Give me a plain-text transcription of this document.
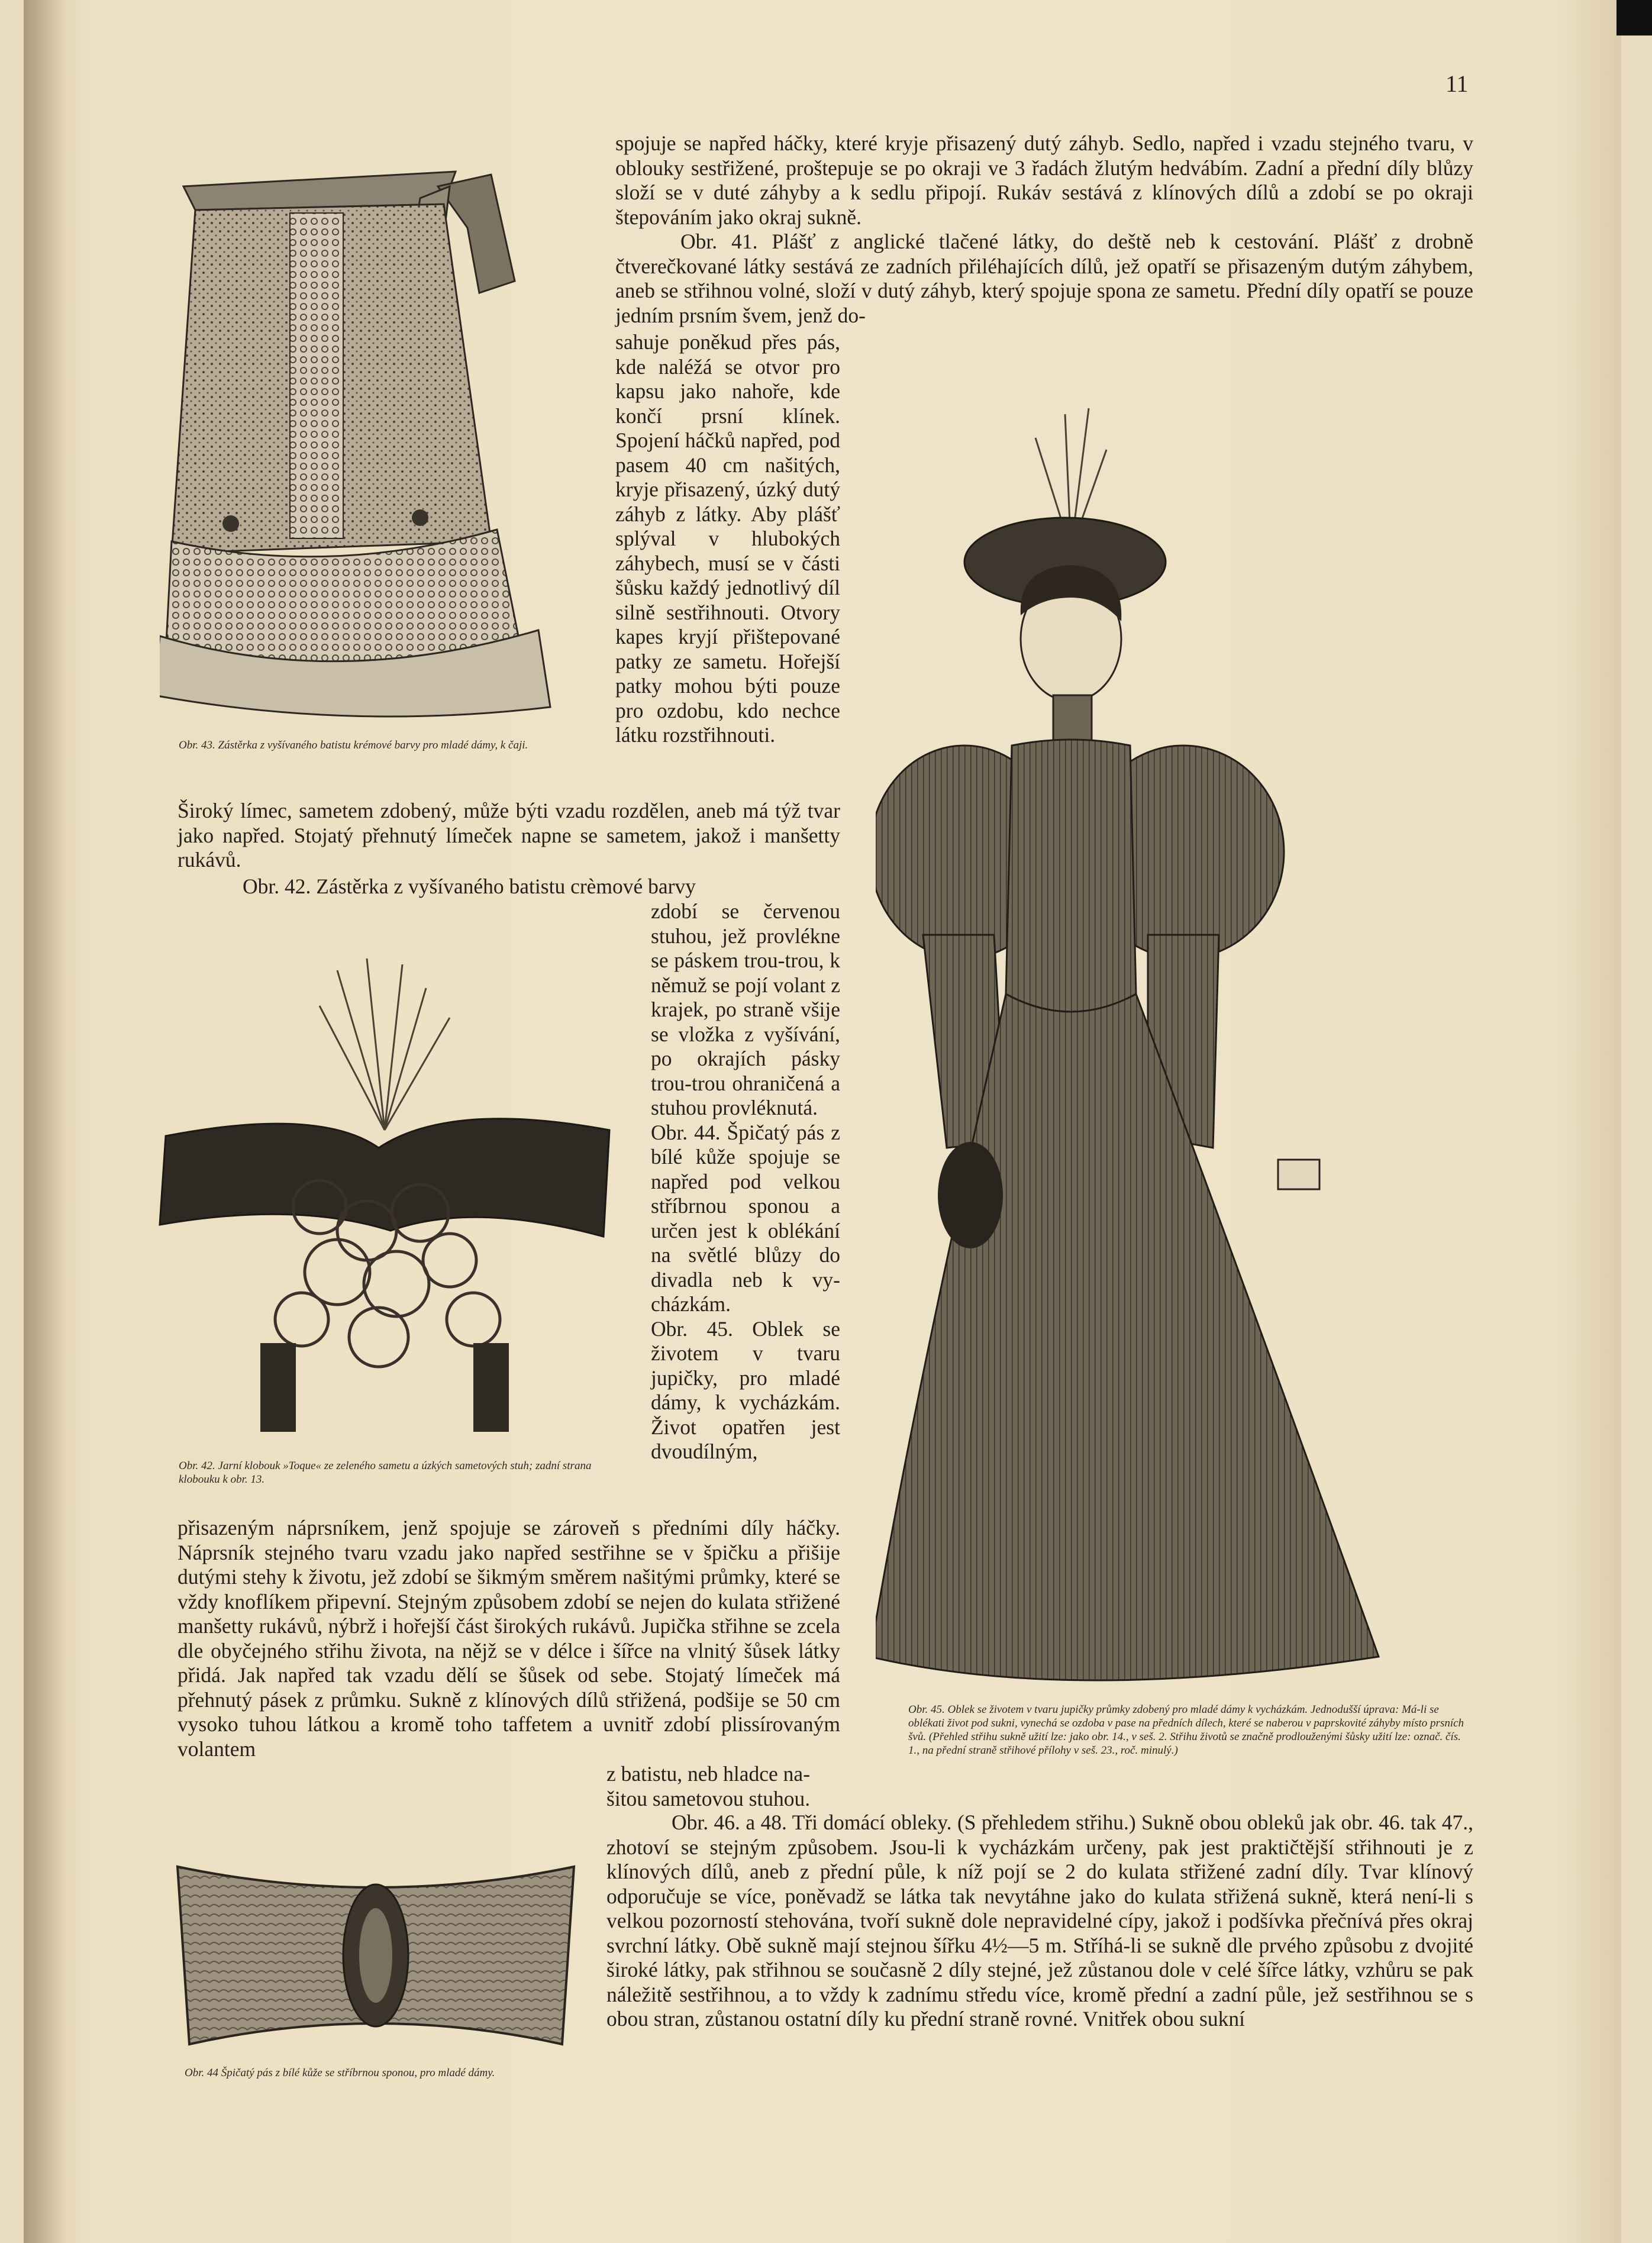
11

spojuje se napřed háčky, které kryje přisazený dutý záhyb. Sedlo, napřed i vzadu stejného tvaru, v oblouky sestřižené, proštepuje se po okraji ve 3 řadách žlutým hedvábím. Zadní a přední díly blůzy složí se v duté záhyby a k sedlu připojí. Rukáv sestává z klínových dílů a zdobí se po okraji štepováním jako okraj sukně.

Obr. 41. Plášť z anglické tlačené látky, do deště neb k cestování. Plášť z drobně čtverečkované látky sestává ze zadních přiléhajících dílů, jež opatří se přisazeným dutým záhybem, aneb se střihnou volné, složí v dutý záhyb, který spojuje spona ze sametu. Přední díly opatří se pouze jedním prsním švem, jenž do-

sahuje poněkud přes pás, kde naléžá se otvor pro kapsu jako nahoře, kde končí prsní klínek. Spojení háčků napřed, pod pasem 40 cm našitých, kryje přisazený, úzký dutý záhyb z látky. Aby plášť splýval v hlubokých záhybech, musí se v části šůsku každý jednotlivý díl silně sestřihnouti. Otvory kapes kryjí přištepované patky ze sametu. Hořejší patky mohou býti pouze pro ozdobu, kdo nechce látku rozstřihnouti.

Široký límec, sametem zdobený, může býti vzadu rozdělen, aneb má týž tvar jako napřed. Stojatý přehnutý límeček napne se sametem, jakož i manšetty rukávů.

Obr. 42. Zástěrka z vyšívaného batistu crèmové barvy

zdobí se červenou stuhou, jež provlékne se páskem trou-trou, k němuž se pojí volant z krajek, po straně všije se vložka z vyšívání, po okrajích pásky trou-trou ohraničená a stuhou provléknutá.

Obr. 44. Špičatý pás z bílé kůže spojuje se napřed pod velkou stříbrnou sponou a určen jest k oblékání na světlé blůzy do divadla neb k vycházkám.

Obr. 45. Oblek se životem v tvaru jupičky, pro mladé dámy, k vycházkám. Život opatřen jest dvoudílným,

přisazeným náprsníkem, jenž spojuje se zároveň s předními díly háčky. Náprsník stejného tvaru vzadu jako napřed sestřihne se v špičku a přišije dutými stehy k životu, jež zdobí se šikmým směrem našitými průmky, které se vždy knoflíkem připevní. Stejným způsobem zdobí se nejen do kulata střižené manšetty rukávů, nýbrž i hořejší část širokých rukávů. Jupička střihne se zcela dle obyčejného střihu života, na nějž se v délce i šířce na vlnitý šůsek látky přidá. Jak napřed tak vzadu dělí se šůsek od sebe. Stojatý límeček má přehnutý pásek z průmku. Sukně z klínových dílů střižená, podšije se 50 cm vysoko tuhou látkou a kromě toho taffetem a uvnitř zdobí plissírovaným volantem

z batistu, neb hladce našitou sametovou stuhou.

Obr. 46. a 48. Tři domácí obleky. (S přehledem střihu.) Sukně obou obleků jak obr. 46. tak 47., zhotoví se stejným způsobem. Jsou-li k vycházkám určeny, pak jest praktičtější střihnouti je z klínových dílů, aneb z přední půle, k níž pojí se 2 do kulata střižené zadní díly. Tvar klínový odporučuje se více, poněvadž se látka tak nevytáhne jako do kulata střižená sukně, která není-li s velkou pozorností stehována, tvoří sukně dole nepravidelné cípy, jakož i podšívka přečnívá přes okraj svrchní látky. Obě sukně mají stejnou šířku 4½—5 m. Stříhá-li se sukně dle prvého způsobu z dvojité široké látky, pak střihnou se současně 2 díly stejné, jež zůstanou dole v celé šířce látky, vzhůru se pak náležitě sestřihnou, a to vždy k zadnímu středu více, kromě přední a zadní půle, jež sestřihnou se s obou stran, zůstanou ostatní díly ku přední straně rovné. Vnitřek obou sukní

Obr. 43. Zástěrka z vyšívaného batistu krémové barvy pro mladé dámy, k čaji.
Obr. 42. Jarní klobouk »Toque« ze zeleného sametu a úzkých sametových stuh; zadní strana klobouku k obr. 13.
Obr. 44 Špičatý pás z bílé kůže se stříbrnou sponou, pro mladé dámy.
Obr. 45. Oblek se životem v tvaru jupičky průmky zdobený pro mladé dámy k vycházkám. Jednodušší úprava: Má-li se oblékati život pod sukni, vynechá se ozdoba v pase na předních dílech, které se naberou v paprskovité záhyby místo prsních švů. (Přehled střihu sukně užití lze: jako obr. 14., v seš. 2. Střihu životů se značně prodlouženými šůsky užití lze: označ. čís. 1., na přední straně střihové přílohy v seš. 23., roč. minulý.)
